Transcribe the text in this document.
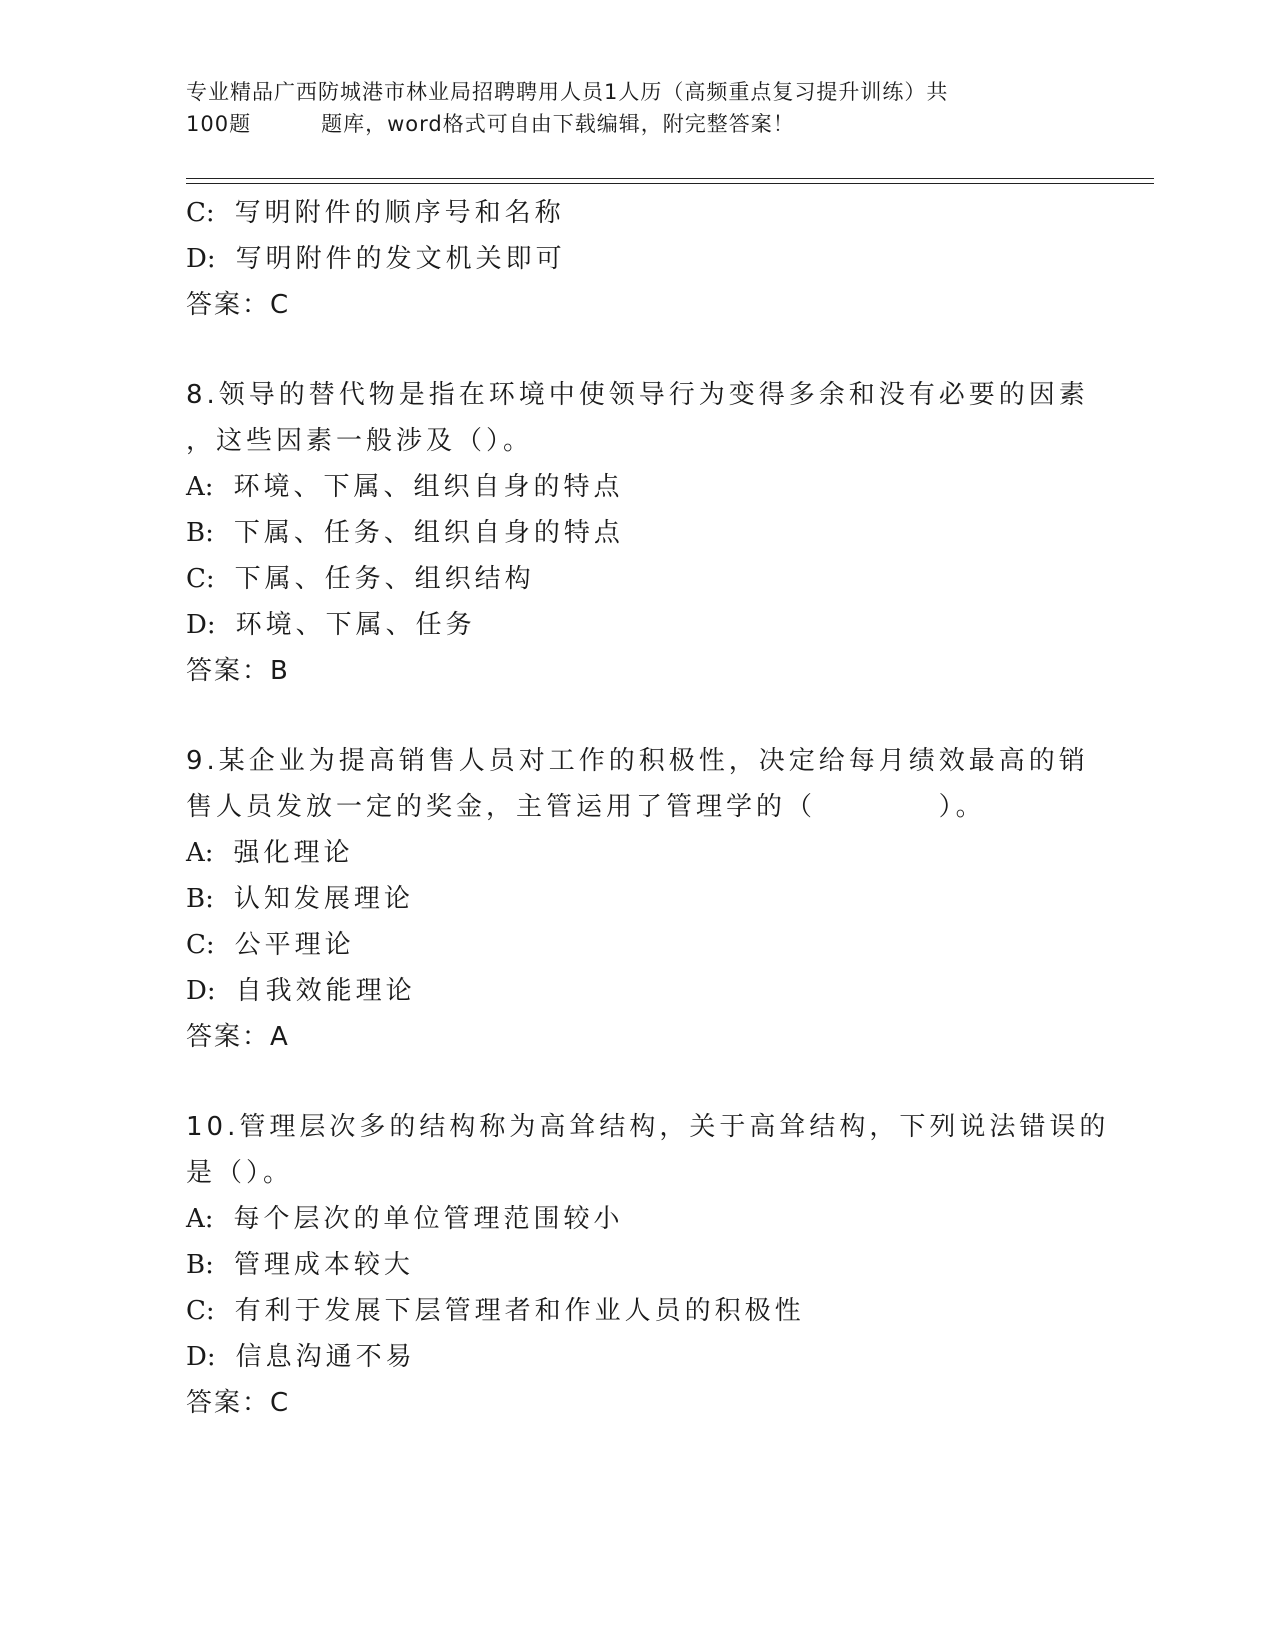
专业精品广西防城港市林业局招聘聘用人员1人历（高频重点复习提升训练）共
100题	题库，word格式可自由下载编辑，附完整答案！
C: 写明附件的顺序号和名称
D: 写明附件的发文机关即可
答案：C
8.领导的替代物是指在环境中使领导行为变得多余和没有必要的因素
，这些因素一般涉及（）。
A: 环境、下属、组织自身的特点
B: 下属、任务、组织自身的特点
C: 下属、任务、组织结构
D: 环境、下属、任务
答案：B
9.某企业为提高销售人员对工作的积极性，决定给每月绩效最高的销
售人员发放一定的奖金，主管运用了管理学的（          ）。
A: 强化理论
B: 认知发展理论
C: 公平理论
D: 自我效能理论
答案：A
10.管理层次多的结构称为高耸结构，关于高耸结构，下列说法错误的
是（）。
A: 每个层次的单位管理范围较小
B: 管理成本较大
C: 有利于发展下层管理者和作业人员的积极性
D: 信息沟通不易
答案：C
